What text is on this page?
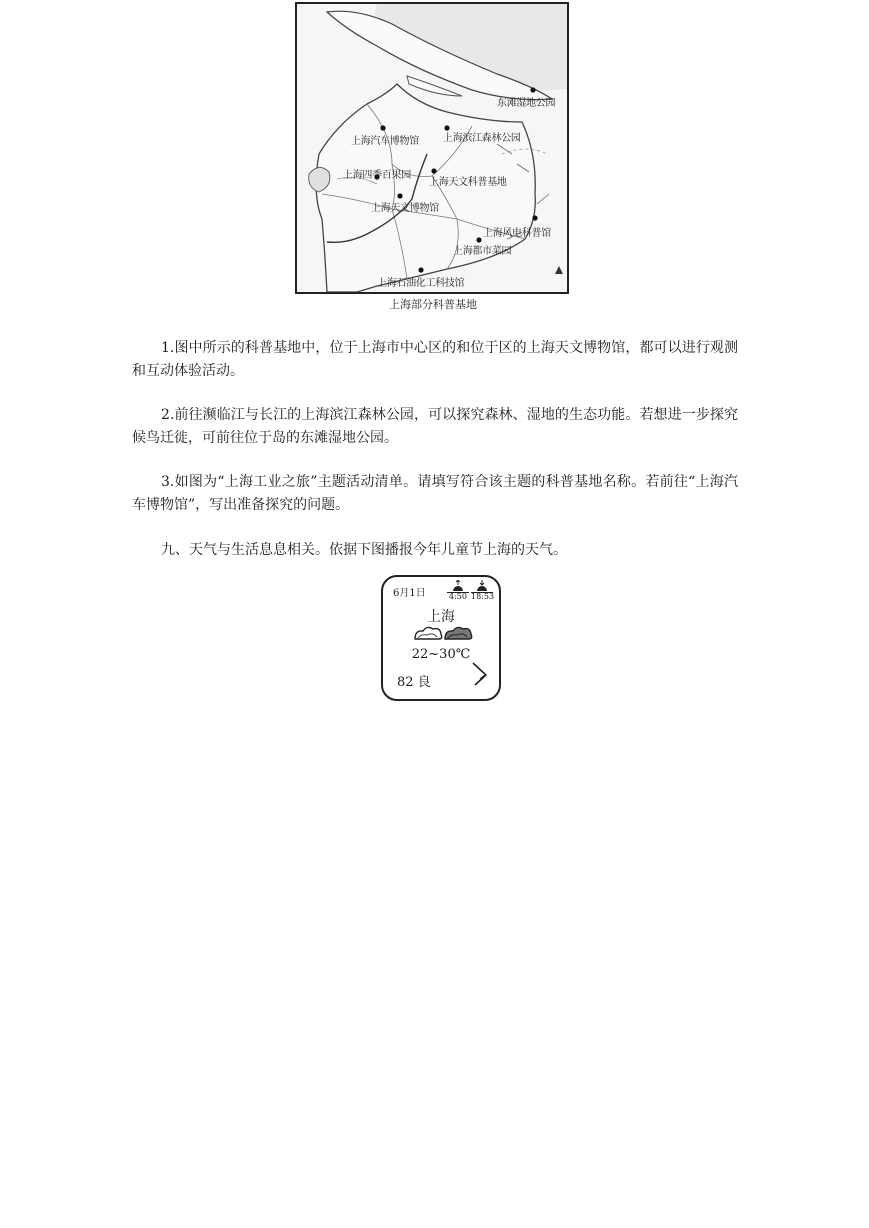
东滩湿地公园
上海汽车博物馆 上海滨江森林公园
上海四季百果园
上海天文科普基地
上海天文博物馆
上海风电科普馆
上海都市菜园
上海石油化工科技馆
上海部分科普基地

1.图中所示的科普基地中，位于上海市中心区的和位于区的上海天文博物馆，都可以进行观测和互动体验活动。

2.前往濒临江与长江的上海滨江森林公园，可以探究森林、湿地的生态功能。若想进一步探究候鸟迁徙，可前往位于岛的东滩湿地公园。

3.如图为“上海工业之旅”主题活动清单。请填写符合该主题的科普基地名称。若前往“上海汽车博物馆”，写出准备探究的问题。

九、天气与生活息息相关。依据下图播报今年儿童节上海的天气。

6月1日	4:50 18:53
上海
22~30℃
82 良
